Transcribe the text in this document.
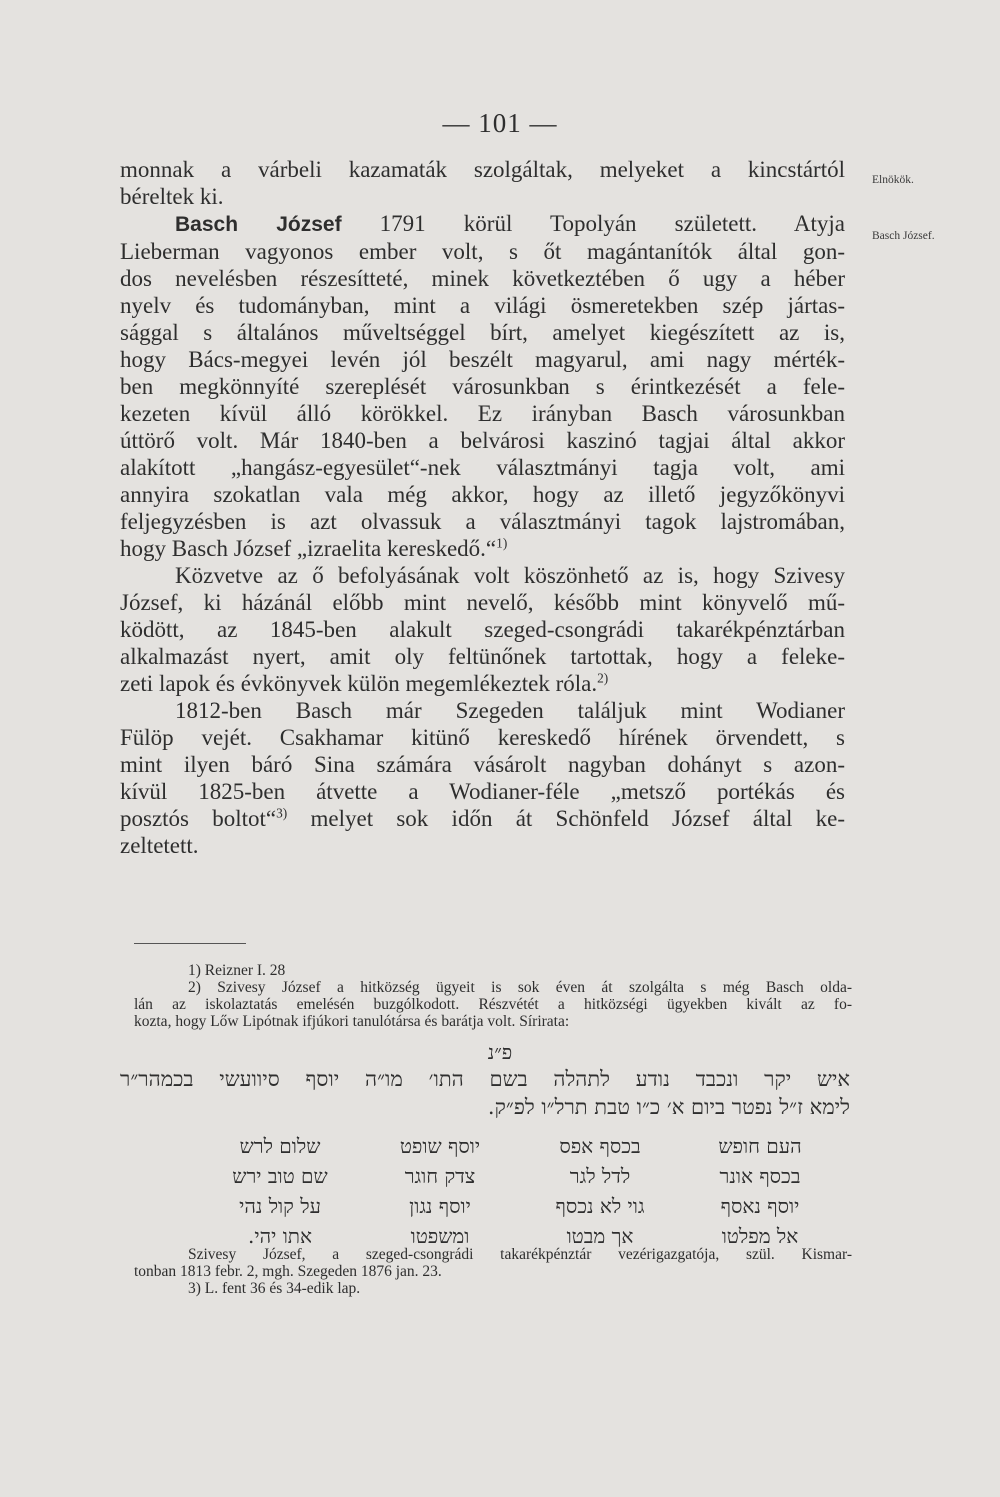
— 101 —
Elnökök.
Basch József.
monnak a várbeli kazamaták szolgáltak, melyeket a kincstártól
béreltek ki.
Basch József 1791 körül Topolyán született. Atyja
Lieberman vagyonos ember volt, s őt magántanítók által gon-
dos nevelésben részesítteté, minek következtében ő ugy a héber
nyelv és tudományban, mint a világi ösmeretekben szép jártas-
sággal s általános műveltséggel bírt, amelyet kiegészített az is,
hogy Bács-megyei levén jól beszélt magyarul, ami nagy mérték-
ben megkönnyíté szereplését városunkban s érintkezését a fele-
kezeten kívül álló körökkel. Ez irányban Basch városunkban
úttörő volt. Már 1840-ben a belvárosi kaszinó tagjai által akkor
alakított „hangász-egyesület“-nek választmányi tagja volt, ami
annyira szokatlan vala még akkor, hogy az illető jegyzőkönyvi
feljegyzésben is azt olvassuk a választmányi tagok lajstromában,
hogy Basch József „izraelita kereskedő.“$^{1)}$
Közvetve az ő befolyásának volt köszönhető az is, hogy Szivesy
József, ki házánál előbb mint nevelő, később mint könyvelő mű-
ködött, az 1845-ben alakult szeged-csongrádi takarékpénztárban
alkalmazást nyert, amit oly feltünőnek tartottak, hogy a feleke-
zeti lapok és évkönyvek külön megemlékeztek róla.$^{2)}$
1812-ben Basch már Szegeden találjuk mint Wodianer
Fülöp vejét. Csakhamar kitünő kereskedő hírének örvendett, s
mint ilyen báró Sina számára vásárolt nagyban dohányt s azon-
kívül 1825-ben átvette a Wodianer-féle „metsző portékás és
posztós boltot“$^{3)}$ melyet sok időn át Schönfeld József által ke-
zeltetett.
1) Reizner I. 28
2) Szivesy József a hitközség ügyeit is sok éven át szolgálta s még Basch olda-
lán az iskolaztatás emelésén buzgólkodott. Részvétét a hitközségi ügyekben kivált az fo-
kozta, hogy Lőw Lipótnak ifjúkori tanulótársa és barátja volt. Sírirata:
פ״נ
איש יקר ונכבד נודע לתהלה בשם התו׳ מו״ה יוסף סיוועשי בכמהר״ר
לימא ז״ל נפטר ביום א׳ כ״ו טבת תרל״ו לפ״ק.
העם חופש
בכסף אפס
יוסף שופט
שלום לרש
בכסף אונר
לדל לגר
צדק חוגר
שם טוב ירש
יוסף נאסף
גוי לא נכסף
יוסף נגון
על קול נהי
אל מפלטו
אך מבטו
ומשפטו
אתו יהי.
Szivesy József, a szeged-csongrádi takarékpénztár vezérigazgatója, szül. Kismar-
tonban 1813 febr. 2, mgh. Szegeden 1876 jan. 23.
3) L. fent 36 és 34-edik lap.
